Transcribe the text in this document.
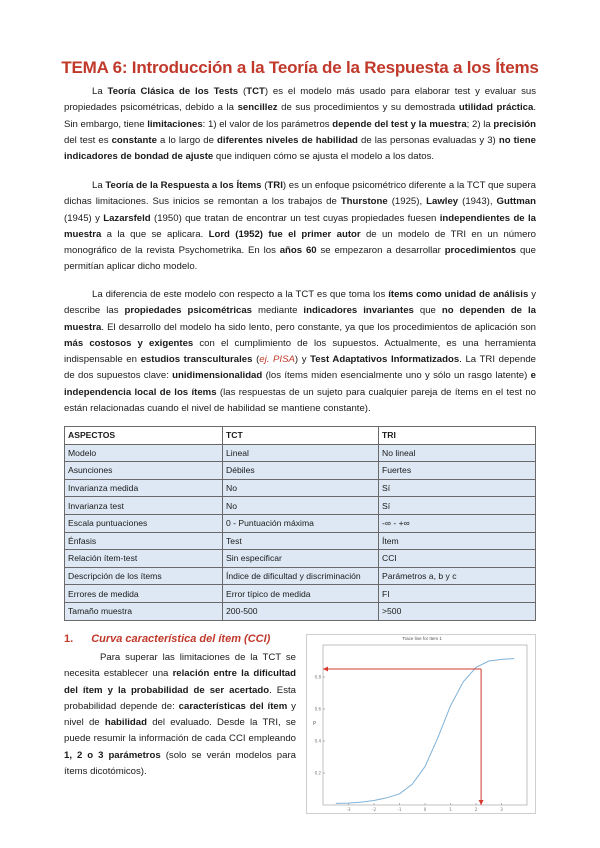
TEMA 6: Introducción a la Teoría de la Respuesta a los Ítems
La Teoría Clásica de los Tests (TCT) es el modelo más usado para elaborar test y evaluar sus propiedades psicométricas, debido a la sencillez de sus procedimientos y su demostrada utilidad práctica. Sin embargo, tiene limitaciones: 1) el valor de los parámetros depende del test y la muestra; 2) la precisión del test es constante a lo largo de diferentes niveles de habilidad de las personas evaluadas y 3) no tiene indicadores de bondad de ajuste que indiquen cómo se ajusta el modelo a los datos.
La Teoría de la Respuesta a los Ítems (TRI) es un enfoque psicométrico diferente a la TCT que supera dichas limitaciones. Sus inicios se remontan a los trabajos de Thurstone (1925), Lawley (1943), Guttman (1945) y Lazarsfeld (1950) que tratan de encontrar un test cuyas propiedades fuesen independientes de la muestra a la que se aplicara. Lord (1952) fue el primer autor de un modelo de TRI en un número monográfico de la revista Psychometrika. En los años 60 se empezaron a desarrollar procedimientos que permitían aplicar dicho modelo.
La diferencia de este modelo con respecto a la TCT es que toma los ítems como unidad de análisis y describe las propiedades psicométricas mediante indicadores invariantes que no dependen de la muestra. El desarrollo del modelo ha sido lento, pero constante, ya que los procedimientos de aplicación son más costosos y exigentes con el cumplimiento de los supuestos. Actualmente, es una herramienta indispensable en estudios transculturales (ej. PISA) y Test Adaptativos Informatizados. La TRI depende de dos supuestos clave: unidimensionalidad (los ítems miden esencialmente uno y sólo un rasgo latente) e independencia local de los ítems (las respuestas de un sujeto para cualquier pareja de ítems en el test no están relacionadas cuando el nivel de habilidad se mantiene constante).
ASPECTOS	TCT	TRI
Modelo	Lineal	No lineal
Asunciones	Débiles	Fuertes
Invarianza medida	No	Sí
Invarianza test	No	Sí
Escala puntuaciones	0 - Puntuación máxima	-∞ - +∞
Énfasis	Test	Ítem
Relación ítem-test	Sin especificar	CCI
Descripción de los ítems	Índice de dificultad y discriminación	Parámetros a, b y c
Errores de medida	Error típico de medida	FI
Tamaño muestra	200-500	>500
1. Curva característica del ítem (CCI)
Para superar las limitaciones de la TCT se necesita establecer una relación entre la dificultad del ítem y la probabilidad de ser acertado. Esta probabilidad depende de: características del ítem y nivel de habilidad del evaluado. Desde la TRI, se puede resumir la información de cada CCI empleando 1, 2 o 3 parámetros (solo se verán modelos para ítems dicotómicos).
Trace line for Item 1
P
-3	-2	-1	0	1	2	3
0.2
0.4
0.6
0.8
